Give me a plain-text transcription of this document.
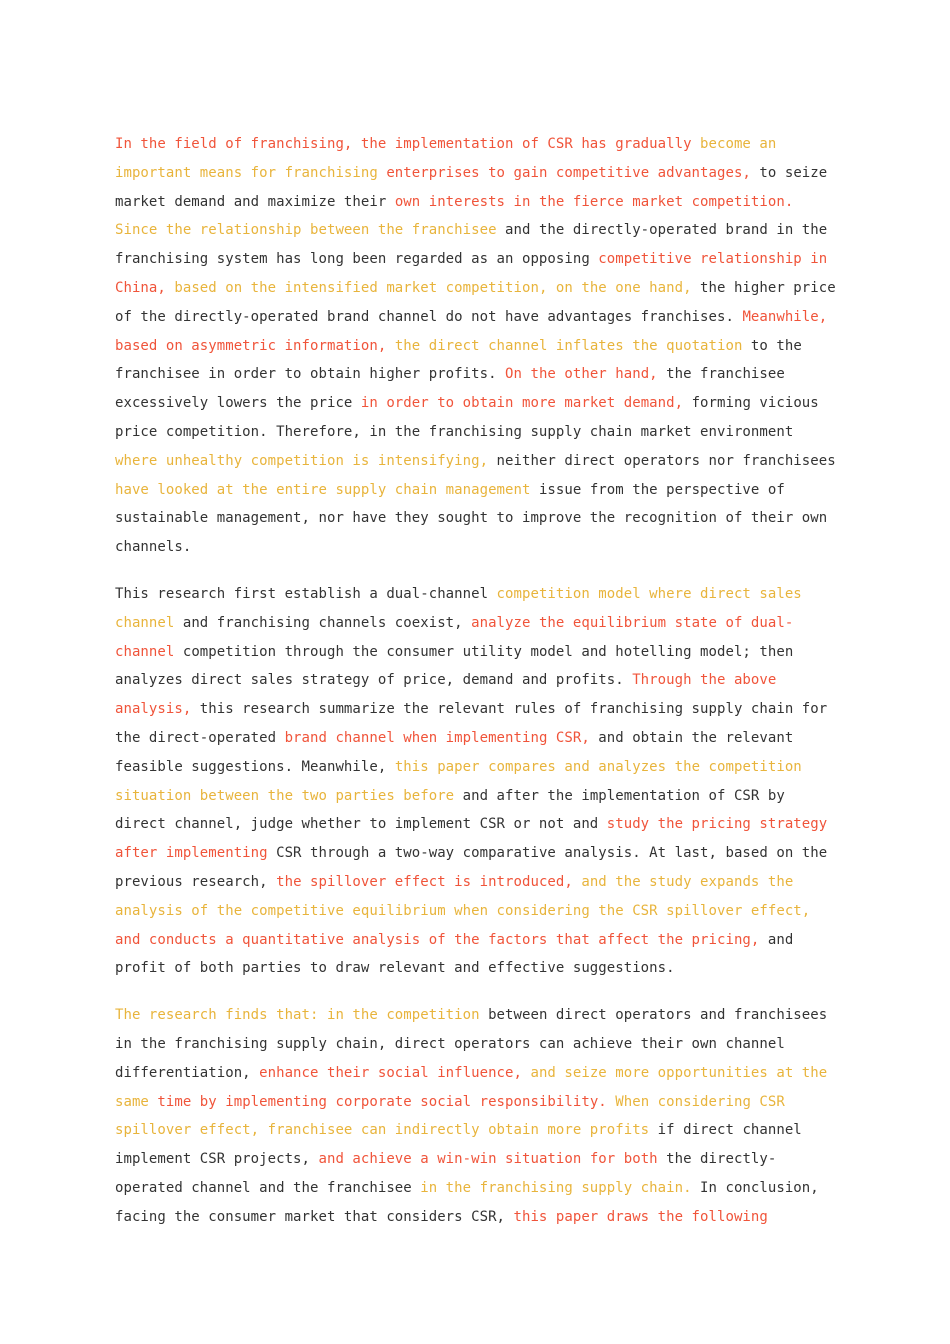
In the field of franchising, the implementation of CSR has gradually become an
important means for franchising enterprises to gain competitive advantages, to seize
market demand and maximize their own interests in the fierce market competition.
Since the relationship between the franchisee and the directly-operated brand in the
franchising system has long been regarded as an opposing competitive relationship in
China, based on the intensified market competition, on the one hand, the higher price
of the directly-operated brand channel do not have advantages franchises. Meanwhile,
based on asymmetric information, the direct channel inflates the quotation to the
franchisee in order to obtain higher profits. On the other hand, the franchisee
excessively lowers the price in order to obtain more market demand, forming vicious
price competition. Therefore, in the franchising supply chain market environment
where unhealthy competition is intensifying, neither direct operators nor franchisees
have looked at the entire supply chain management issue from the perspective of
sustainable management, nor have they sought to improve the recognition of their own
channels.

This research first establish a dual-channel competition model where direct sales
channel and franchising channels coexist, analyze the equilibrium state of dual-
channel competition through the consumer utility model and hotelling model; then
analyzes direct sales strategy of price, demand and profits. Through the above
analysis, this research summarize the relevant rules of franchising supply chain for
the direct-operated brand channel when implementing CSR, and obtain the relevant
feasible suggestions. Meanwhile, this paper compares and analyzes the competition
situation between the two parties before and after the implementation of CSR by
direct channel, judge whether to implement CSR or not and study the pricing strategy
after implementing CSR through a two-way comparative analysis. At last, based on the
previous research, the spillover effect is introduced, and the study expands the
analysis of the competitive equilibrium when considering the CSR spillover effect,
and conducts a quantitative analysis of the factors that affect the pricing, and
profit of both parties to draw relevant and effective suggestions.

The research finds that: in the competition between direct operators and franchisees
in the franchising supply chain, direct operators can achieve their own channel
differentiation, enhance their social influence, and seize more opportunities at the
same time by implementing corporate social responsibility. When considering CSR
spillover effect, franchisee can indirectly obtain more profits if direct channel
implement CSR projects, and achieve a win-win situation for both the directly-
operated channel and the franchisee in the franchising supply chain. In conclusion,
facing the consumer market that considers CSR, this paper draws the following
